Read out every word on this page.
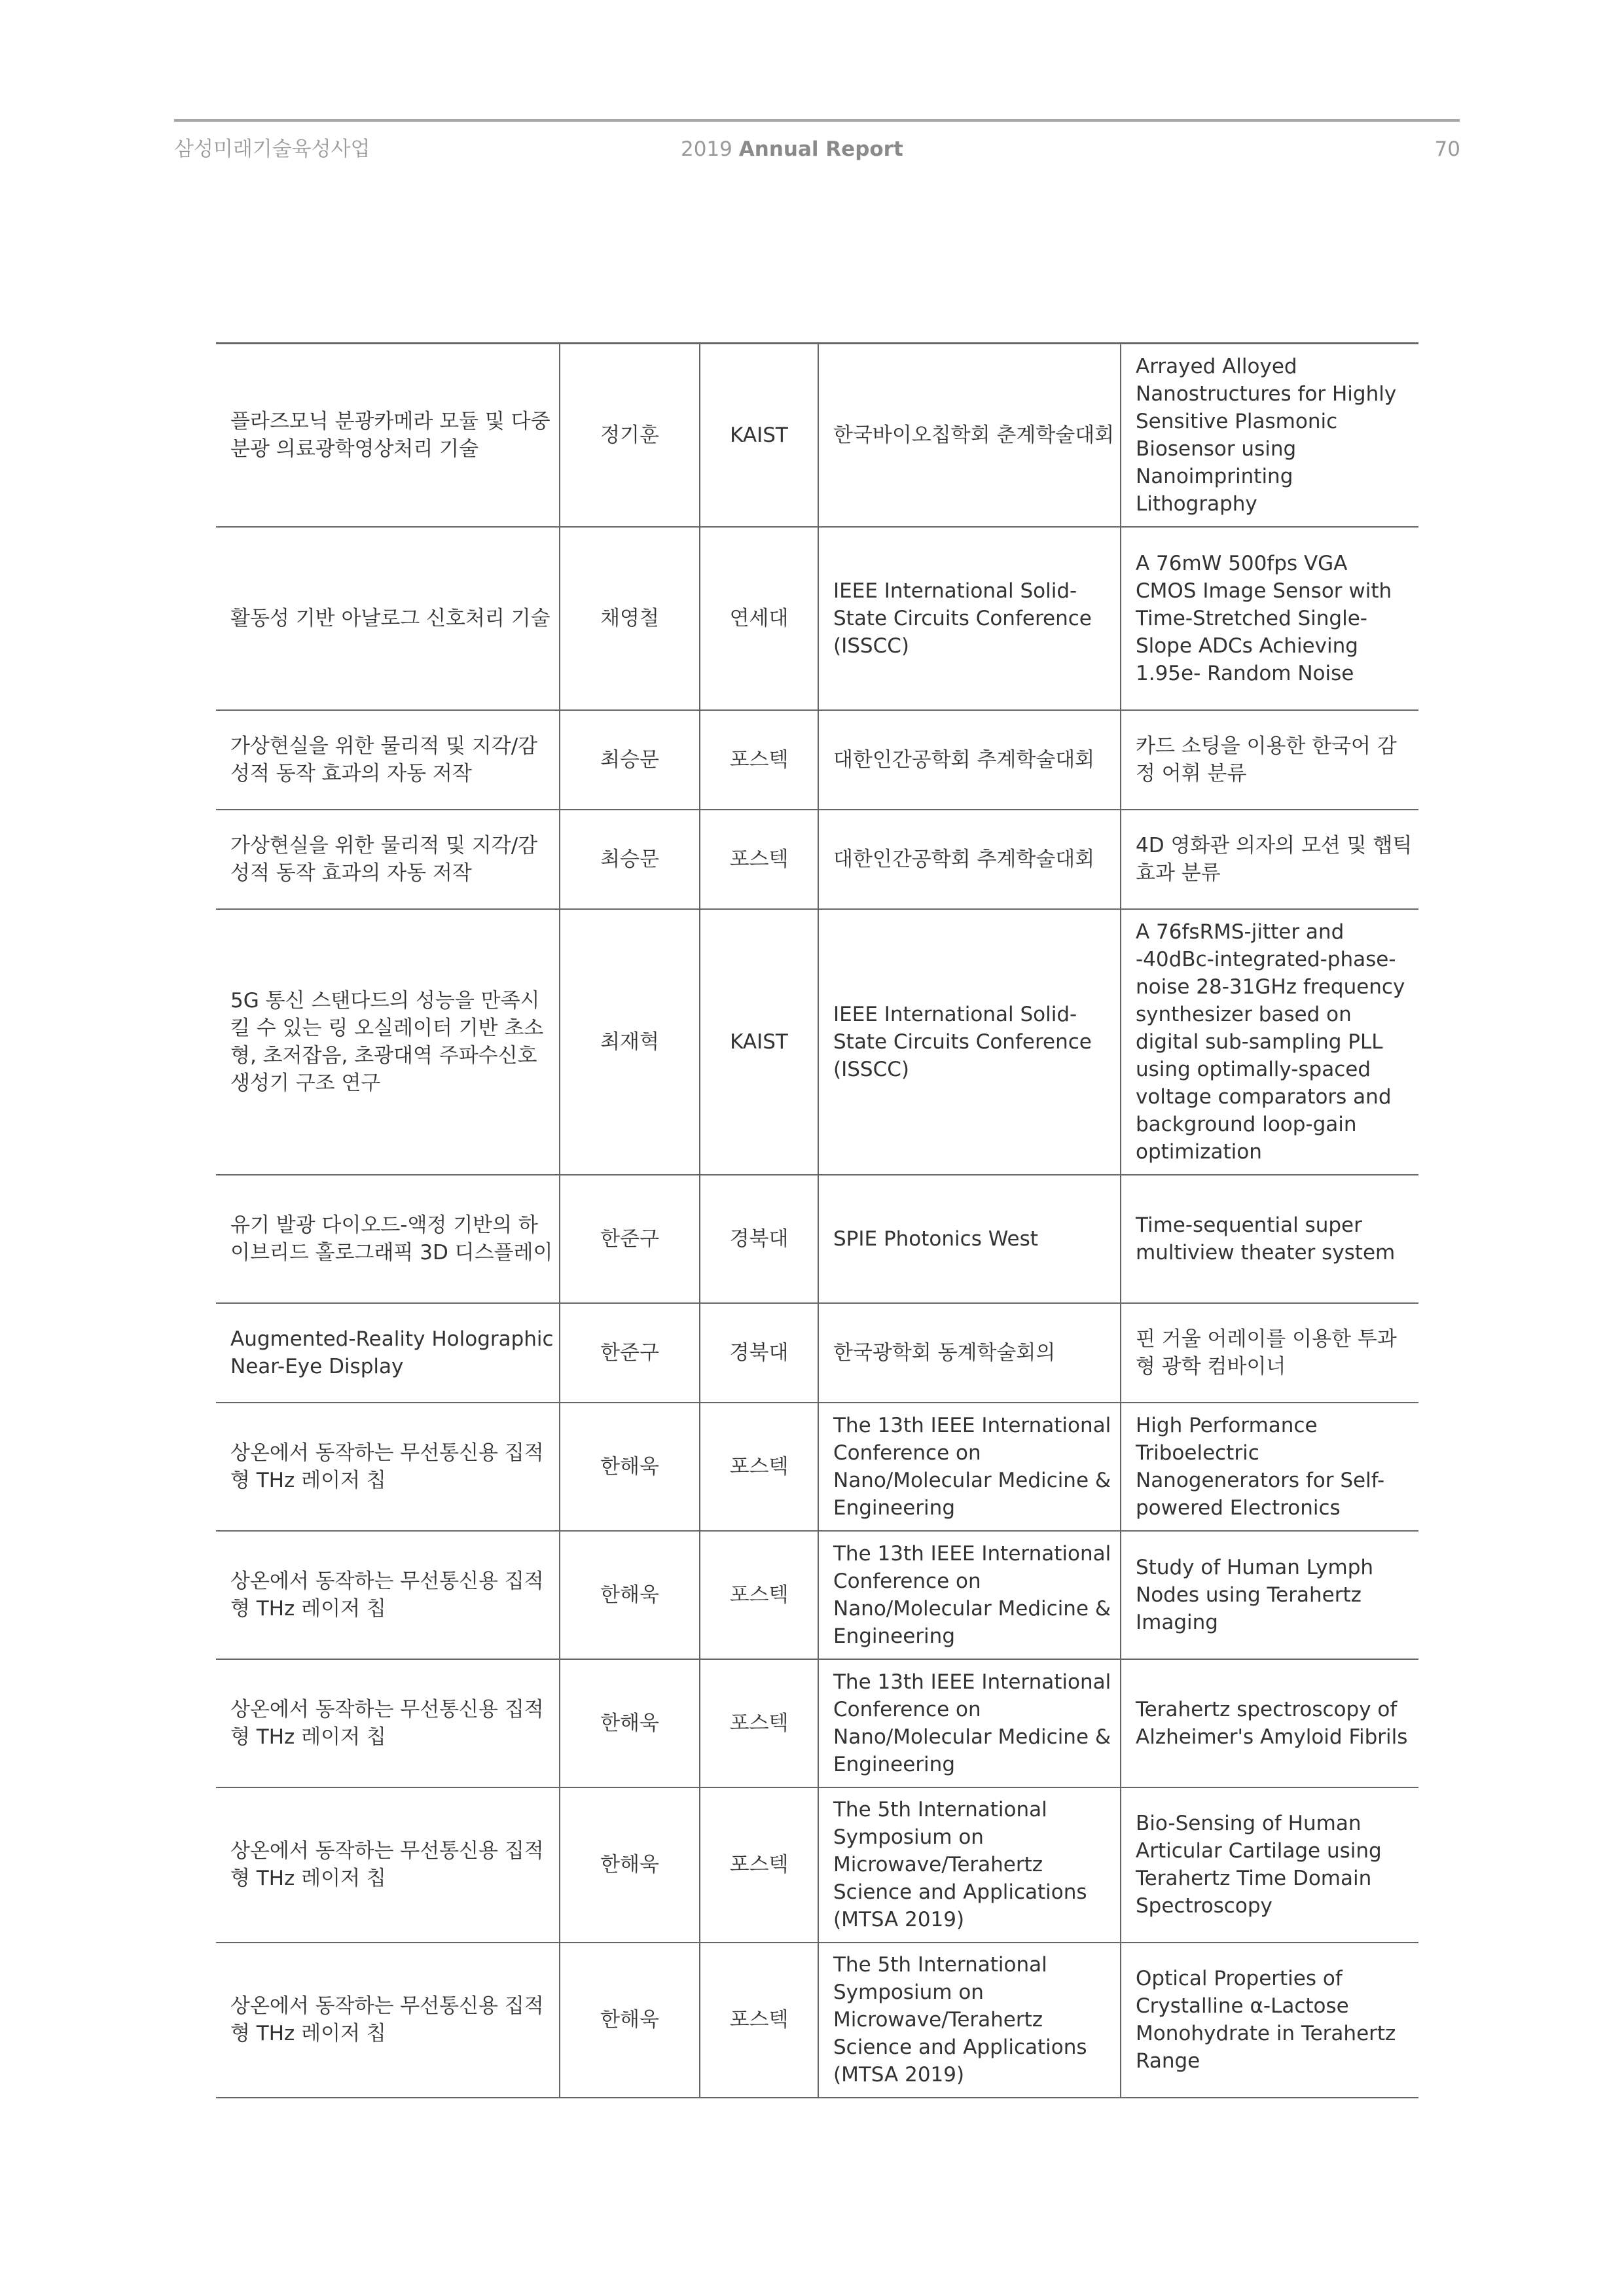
삼성미래기술육성사업	2019 Annual Report	70
플라즈모닉 분광카메라 모듈 및 다중분광 의료광학영상처리 기술	정기훈	KAIST	한국바이오칩학회 춘계학술대회	Arrayed Alloyed Nanostructures for Highly Sensitive Plasmonic Biosensor using Nanoimprinting Lithography
활동성 기반 아날로그 신호처리 기술	채영철	연세대	IEEE International Solid- State Circuits Conference (ISSCC)	A 76mW 500fps VGA CMOS Image Sensor with Time-Stretched Single-Slope ADCs Achieving 1.95e- Random Noise
가상현실을 위한 물리적 및 지각/감성적 동작 효과의 자동 저작	최승문	포스텍	대한인간공학회 추계학술대회	카드 소팅을 이용한 한국어 감정 어휘 분류
가상현실을 위한 물리적 및 지각/감성적 동작 효과의 자동 저작	최승문	포스텍	대한인간공학회 추계학술대회	4D 영화관 의자의 모션 및 햅틱 효과 분류
5G 통신 스탠다드의 성능을 만족시킬 수 있는 링 오실레이터 기반 초소형, 초저잡음, 초광대역 주파수신호 생성기 구조 연구	최재혁	KAIST	IEEE International Solid-State Circuits Conference (ISSCC)	A 76fsRMS-jitter and -40dBc-integrated-phase-noise 28-31GHz frequency synthesizer based on digital sub-sampling PLL using optimally-spaced voltage comparators and background loop-gain optimization
유기 발광 다이오드-액정 기반의 하이브리드 홀로그래픽 3D 디스플레이	한준구	경북대	SPIE Photonics West	Time-sequential super multiview theater system
Augmented-Reality Holographic Near-Eye Display	한준구	경북대	한국광학회 동계학술회의	핀 거울 어레이를 이용한 투과형 광학 컴바이너
상온에서 동작하는 무선통신용 집적형 THz 레이저 칩	한해욱	포스텍	The 13th IEEE International Conference on Nano/Molecular Medicine & Engineering	High Performance Triboelectric Nanogenerators for Self-powered Electronics
상온에서 동작하는 무선통신용 집적형 THz 레이저 칩	한해욱	포스텍	The 13th IEEE International Conference on Nano/Molecular Medicine & Engineering	Study of Human Lymph Nodes using Terahertz Imaging
상온에서 동작하는 무선통신용 집적형 THz 레이저 칩	한해욱	포스텍	The 13th IEEE International Conference on Nano/Molecular Medicine & Engineering	Terahertz spectroscopy of Alzheimer's Amyloid Fibrils
상온에서 동작하는 무선통신용 집적형 THz 레이저 칩	한해욱	포스텍	The 5th International Symposium on Microwave/Terahertz Science and Applications (MTSA 2019)	Bio-Sensing of Human Articular Cartilage using Terahertz Time Domain Spectroscopy
상온에서 동작하는 무선통신용 집적형 THz 레이저 칩	한해욱	포스텍	The 5th International Symposium on Microwave/Terahertz Science and Applications (MTSA 2019)	Optical Properties of Crystalline α-Lactose Monohydrate in Terahertz Range
